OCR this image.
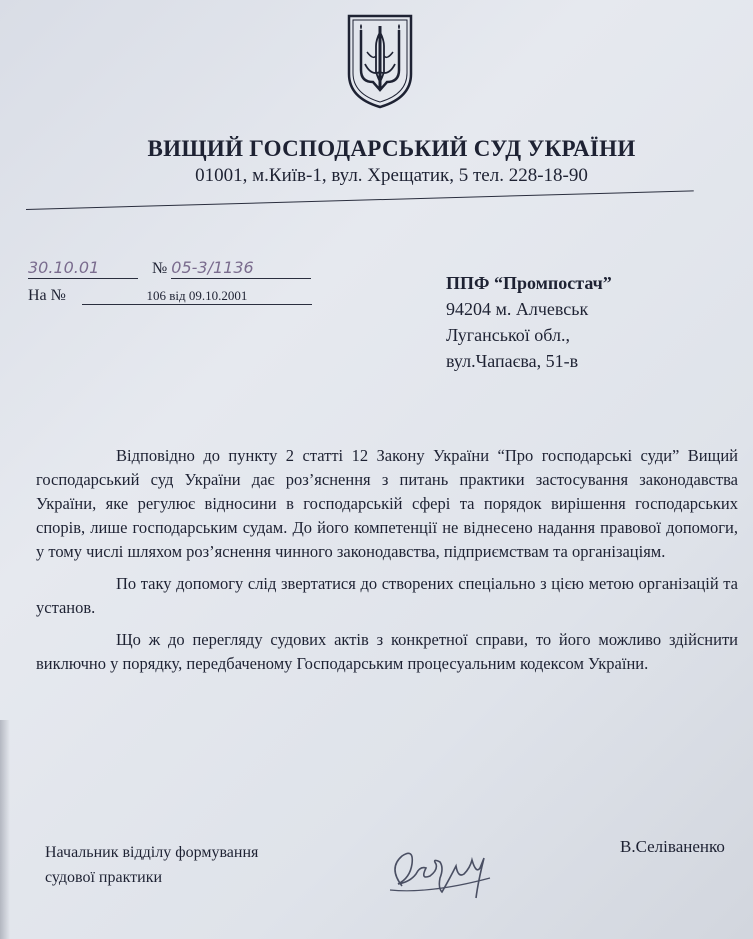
ВИЩИЙ ГОСПОДАРСЬКИЙ СУД УКРАЇНИ
01001, м.Київ-1, вул. Хрещатик, 5 тел. 228-18-90
30.10.01	№ 05-3/1136
На №	106 від 09.10.2001
ППФ “Промпостач”
94204 м. Алчевськ
Луганської обл.,
вул.Чапаєва, 51-в

Відповідно до пункту 2 статті 12 Закону України “Про господарські суди” Вищий господарський суд України дає роз’яснення з питань практики застосування законодавства України, яке регулює відносини в господарській сфері та порядок вирішення господарських спорів, лише господарським судам. До його компетенції не віднесено надання правової допомоги, у тому числі шляхом роз’яснення чинного законодавства, підприємствам та організаціям.

По таку допомогу слід звертатися до створених спеціально з цією метою організацій та установ.

Що ж до перегляду судових актів з конкретної справи, то його можливо здійснити виключно у порядку, передбаченому Господарським процесуальним кодексом України.

Начальник відділу формування
судової практики
В.Селіваненко
